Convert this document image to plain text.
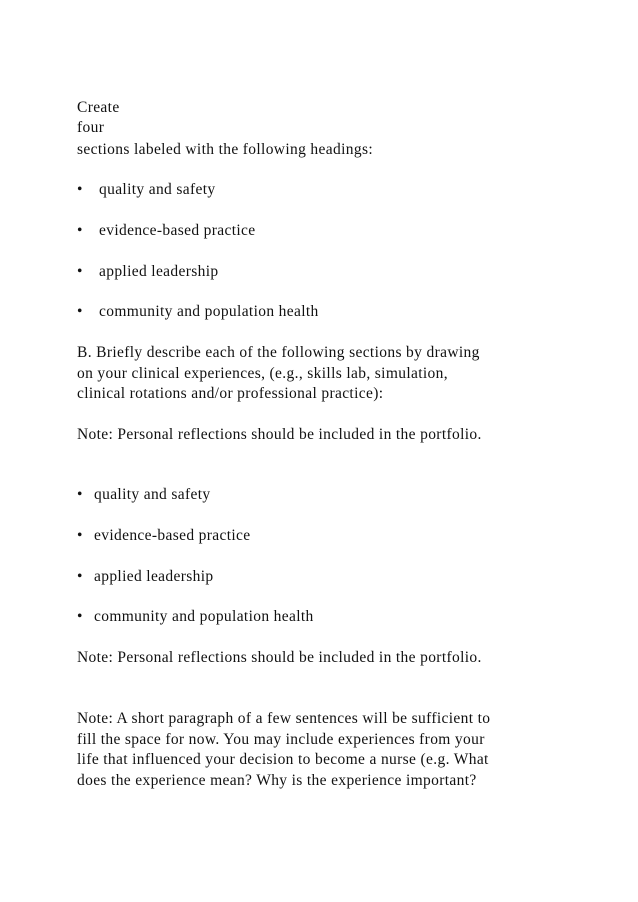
Create
four
sections labeled with the following headings:
• quality and safety
• evidence-based practice
• applied leadership
• community and population health
B. Briefly describe each of the following sections by drawing
on your clinical experiences, (e.g., skills lab, simulation,
clinical rotations and/or professional practice):
Note: Personal reflections should be included in the portfolio.
• quality and safety
• evidence-based practice
• applied leadership
• community and population health
Note: Personal reflections should be included in the portfolio.
Note: A short paragraph of a few sentences will be sufficient to
fill the space for now. You may include experiences from your
life that influenced your decision to become a nurse (e.g. What
does the experience mean? Why is the experience important?
